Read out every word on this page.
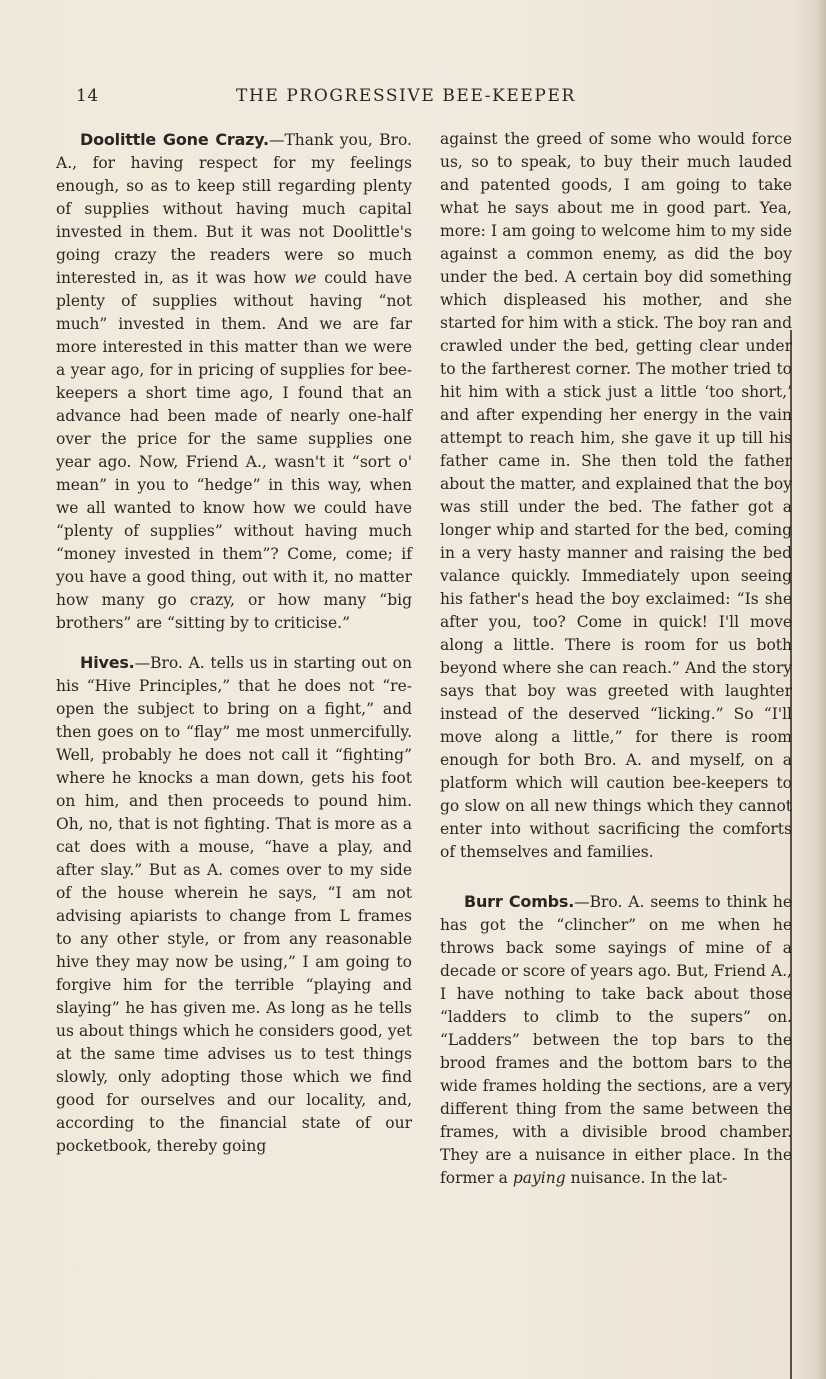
14	THE PROGRESSIVE BEE-KEEPER

Doolittle Gone Crazy.—Thank you, Bro. A., for having respect for my feelings enough, so as to keep still regarding plenty of supplies without having much capital invested in them. But it was not Doolittle's going crazy the readers were so much interested in, as it was how we could have plenty of supplies without having “not much” invested in them. And we are far more interested in this matter than we were a year ago, for in pricing of supplies for bee-keepers a short time ago, I found that an advance had been made of nearly one-half over the price for the same supplies one year ago. Now, Friend A., wasn't it “sort o' mean” in you to “hedge” in this way, when we all wanted to know how we could have “plenty of supplies” without having much “money invested in them”? Come, come; if you have a good thing, out with it, no matter how many go crazy, or how many “big brothers” are “sitting by to criticise.”

Hives.—Bro. A. tells us in starting out on his “Hive Principles,” that he does not “re-open the subject to bring on a fight,” and then goes on to “flay” me most unmercifully. Well, probably he does not call it “fighting” where he knocks a man down, gets his foot on him, and then proceeds to pound him. Oh, no, that is not fighting. That is more as a cat does with a mouse, “have a play, and after slay.” But as A. comes over to my side of the house wherein he says, “I am not advising apiarists to change from L frames to any other style, or from any reasonable hive they may now be using,” I am going to forgive him for the terrible “playing and slaying” he has given me. As long as he tells us about things which he considers good, yet at the same time advises us to test things slowly, only adopting those which we find good for ourselves and our locality, and, according to the financial state of our pocketbook, thereby going

against the greed of some who would force us, so to speak, to buy their much lauded and patented goods, I am going to take what he says about me in good part. Yea, more: I am going to welcome him to my side against a common enemy, as did the boy under the bed. A certain boy did something which displeased his mother, and she started for him with a stick. The boy ran and crawled under the bed, getting clear under to the fartherest corner. The mother tried to hit him with a stick just a little ‘too short,’ and after expending her energy in the vain attempt to reach him, she gave it up till his father came in. She then told the father about the matter, and explained that the boy was still under the bed. The father got a longer whip and started for the bed, coming in a very hasty manner and raising the bed valance quickly. Immediately upon seeing his father's head the boy exclaimed: “Is she after you, too? Come in quick! I'll move along a little. There is room for us both beyond where she can reach.” And the story says that boy was greeted with laughter instead of the deserved “licking.” So “I'll move along a little,” for there is room enough for both Bro. A. and myself, on a platform which will caution bee-keepers to go slow on all new things which they cannot enter into without sacrificing the comforts of themselves and families.

Burr Combs.—Bro. A. seems to think he has got the “clincher” on me when he throws back some sayings of mine of a decade or score of years ago. But, Friend A., I have nothing to take back about those “ladders to climb to the supers” on. “Ladders” between the top bars to the brood frames and the bottom bars to the wide frames holding the sections, are a very different thing from the same between the frames, with a divisible brood chamber. They are a nuisance in either place. In the former a paying nuisance. In the lat-
